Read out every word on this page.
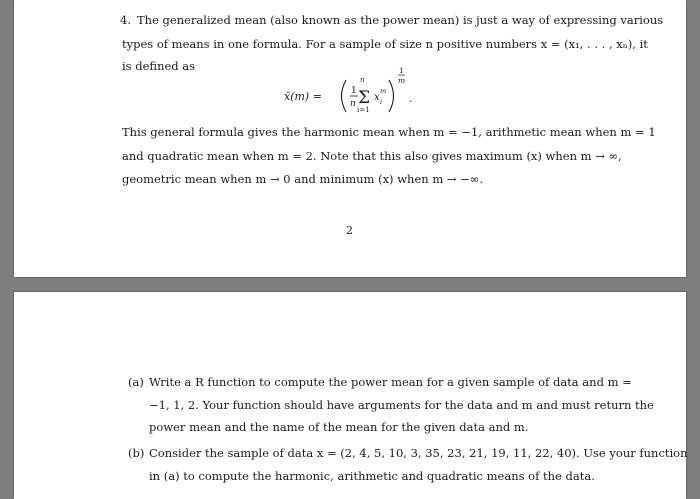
4. The generalized mean (also known as the power mean) is just a way of expressing various
types of means in one formula. For a sample of size n positive numbers x = (x₁, . . . , xₙ), it
is defined as
x̄(m) =	1
n
n
Σ
i=1
x i
m
1
m
.
This general formula gives the harmonic mean when m = −1, arithmetic mean when m = 1
and quadratic mean when m = 2. Note that this also gives maximum (x) when m → ∞,
geometric mean when m → 0 and minimum (x) when m → −∞.
2
(a) Write a R function to compute the power mean for a given sample of data and m =
−1, 1, 2. Your function should have arguments for the data and m and must return the
power mean and the name of the mean for the given data and m.
(b) Consider the sample of data x = (2, 4, 5, 10, 3, 35, 23, 21, 19, 11, 22, 40). Use your function
in (a) to compute the harmonic, arithmetic and quadratic means of the data.
